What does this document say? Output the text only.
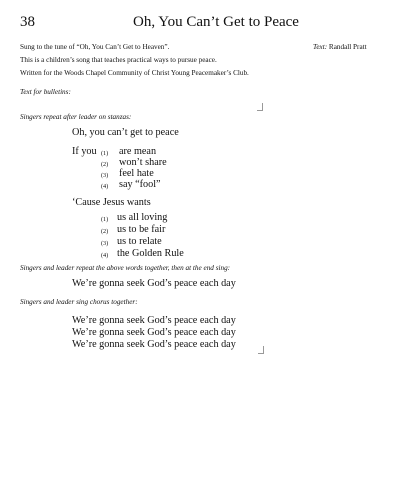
38	Oh, You Can’t Get to Peace
Sung to the tune of “Oh, You Can’t Get to Heaven”.	Text: Randall Pratt
This is a children’s song that teaches practical ways to pursue peace.
Written for the Woods Chapel Community of Christ Young Peacemaker’s Club.
Text for bulletins:
Singers repeat after leader on stanzas:
Oh, you can’t get to peace
If you (1) are mean
(2) won’t share
(3) feel hate
(4) say “fool”
‘Cause Jesus wants
(1) us all loving
(2) us to be fair
(3) us to relate
(4) the Golden Rule
Singers and leader repeat the above words together, then at the end sing:
We’re gonna seek God’s peace each day
Singers and leader sing chorus together:
We’re gonna seek God’s peace each day
We’re gonna seek God’s peace each day
We’re gonna seek God’s peace each day
